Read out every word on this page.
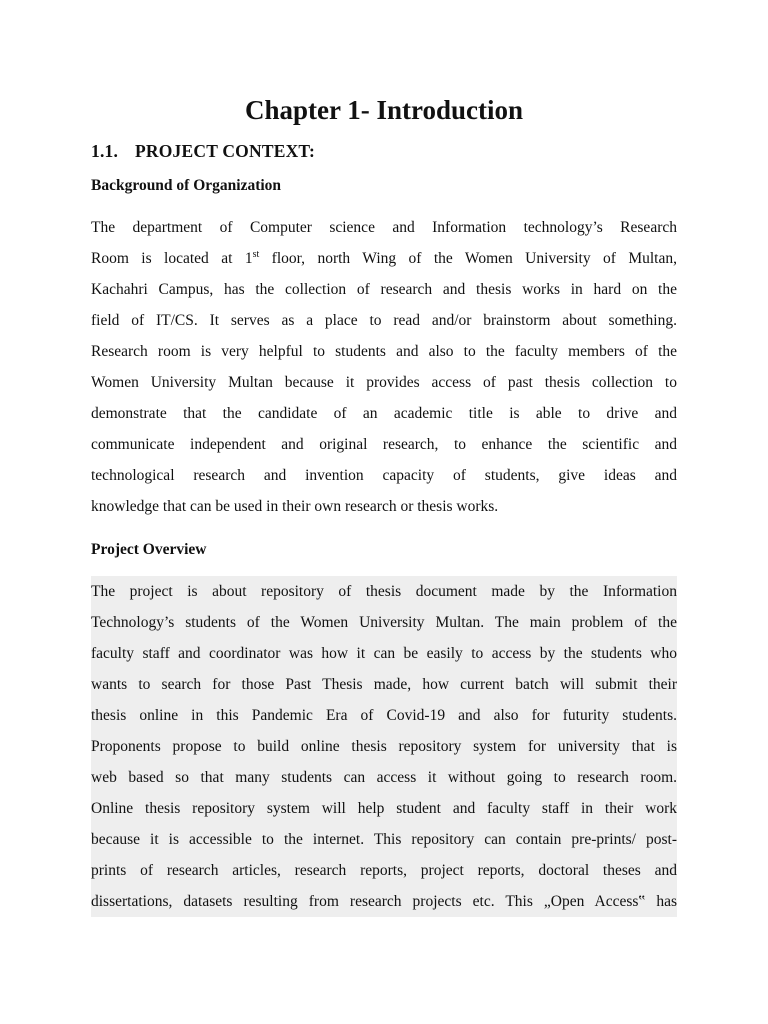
Chapter 1- Introduction
1.1. PROJECT CONTEXT:
Background of Organization
The department of Computer science and Information technology’s Research
Room is located at 1st floor, north Wing of the Women University of Multan,
Kachahri Campus, has the collection of research and thesis works in hard on the
field of IT/CS. It serves as a place to read and/or brainstorm about something.
Research room is very helpful to students and also to the faculty members of the
Women University Multan because it provides access of past thesis collection to
demonstrate that the candidate of an academic title is able to drive and
communicate independent and original research, to enhance the scientific and
technological research and invention capacity of students, give ideas and
knowledge that can be used in their own research or thesis works.
Project Overview
The project is about repository of thesis document made by the Information
Technology’s students of the Women University Multan. The main problem of the
faculty staff and coordinator was how it can be easily to access by the students who
wants to search for those Past Thesis made, how current batch will submit their
thesis online in this Pandemic Era of Covid-19 and also for futurity students.
Proponents propose to build online thesis repository system for university that is
web based so that many students can access it without going to research room.
Online thesis repository system will help student and faculty staff in their work
because it is accessible to the internet. This repository can contain pre-prints/ post-
prints of research articles, research reports, project reports, doctoral theses and
dissertations, datasets resulting from research projects etc. This „Open Access‟ has
